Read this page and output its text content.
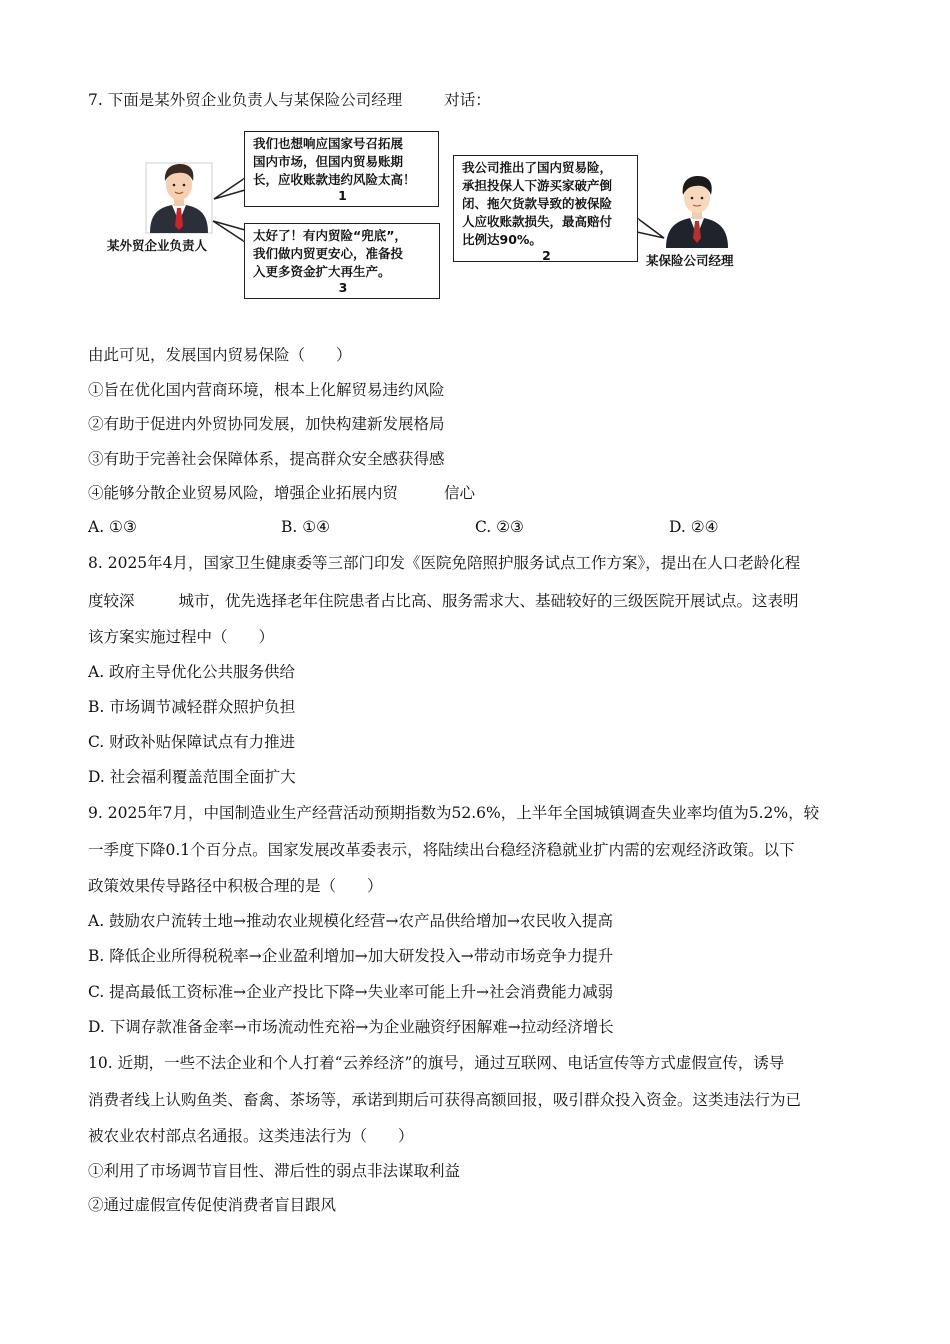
7. 下面是某外贸企业负责人与某保险公司经理	对话：
我们也想响应国家号召拓展
国内市场，但国内贸易账期
长，应收账款违约风险太高！
1
太好了！有内贸险“兜底”，
我们做内贸更安心，准备投
入更多资金扩大再生产。
3
我公司推出了国内贸易险，
承担投保人下游买家破产倒
闭、拖欠货款导致的被保险
人应收账款损失，最高赔付
比例达90%。
2
某外贸企业负责人
某保险公司经理
由此可见，发展国内贸易保险（　　）
①旨在优化国内营商环境，根本上化解贸易违约风险
②有助于促进内外贸协同发展，加快构建新发展格局
③有助于完善社会保障体系，提高群众安全感获得感
④能够分散企业贸易风险，增强企业拓展内贸	信心
A. ①③	B. ①④	C. ②③	D. ②④
8. 2025年4月，国家卫生健康委等三部门印发《医院免陪照护服务试点工作方案》，提出在人口老龄化程
度较深	城市，优先选择老年住院患者占比高、服务需求大、基础较好的三级医院开展试点。这表明
该方案实施过程中（　　）
A. 政府主导优化公共服务供给
B. 市场调节减轻群众照护负担
C. 财政补贴保障试点有力推进
D. 社会福利覆盖范围全面扩大
9. 2025年7月，中国制造业生产经营活动预期指数为52.6%，上半年全国城镇调查失业率均值为5.2%，较
一季度下降0.1个百分点。国家发展改革委表示，将陆续出台稳经济稳就业扩内需的宏观经济政策。以下
政策效果传导路径中积极合理的是（　　）
A. 鼓励农户流转土地→推动农业规模化经营→农产品供给增加→农民收入提高
B. 降低企业所得税税率→企业盈利增加→加大研发投入→带动市场竞争力提升
C. 提高最低工资标准→企业产投比下降→失业率可能上升→社会消费能力减弱
D. 下调存款准备金率→市场流动性充裕→为企业融资纾困解难→拉动经济增长
10. 近期，一些不法企业和个人打着“云养经济”的旗号，通过互联网、电话宣传等方式虚假宣传，诱导
消费者线上认购鱼类、畜禽、茶场等，承诺到期后可获得高额回报，吸引群众投入资金。这类违法行为已
被农业农村部点名通报。这类违法行为（　　）
①利用了市场调节盲目性、滞后性的弱点非法谋取利益
②通过虚假宣传促使消费者盲目跟风
